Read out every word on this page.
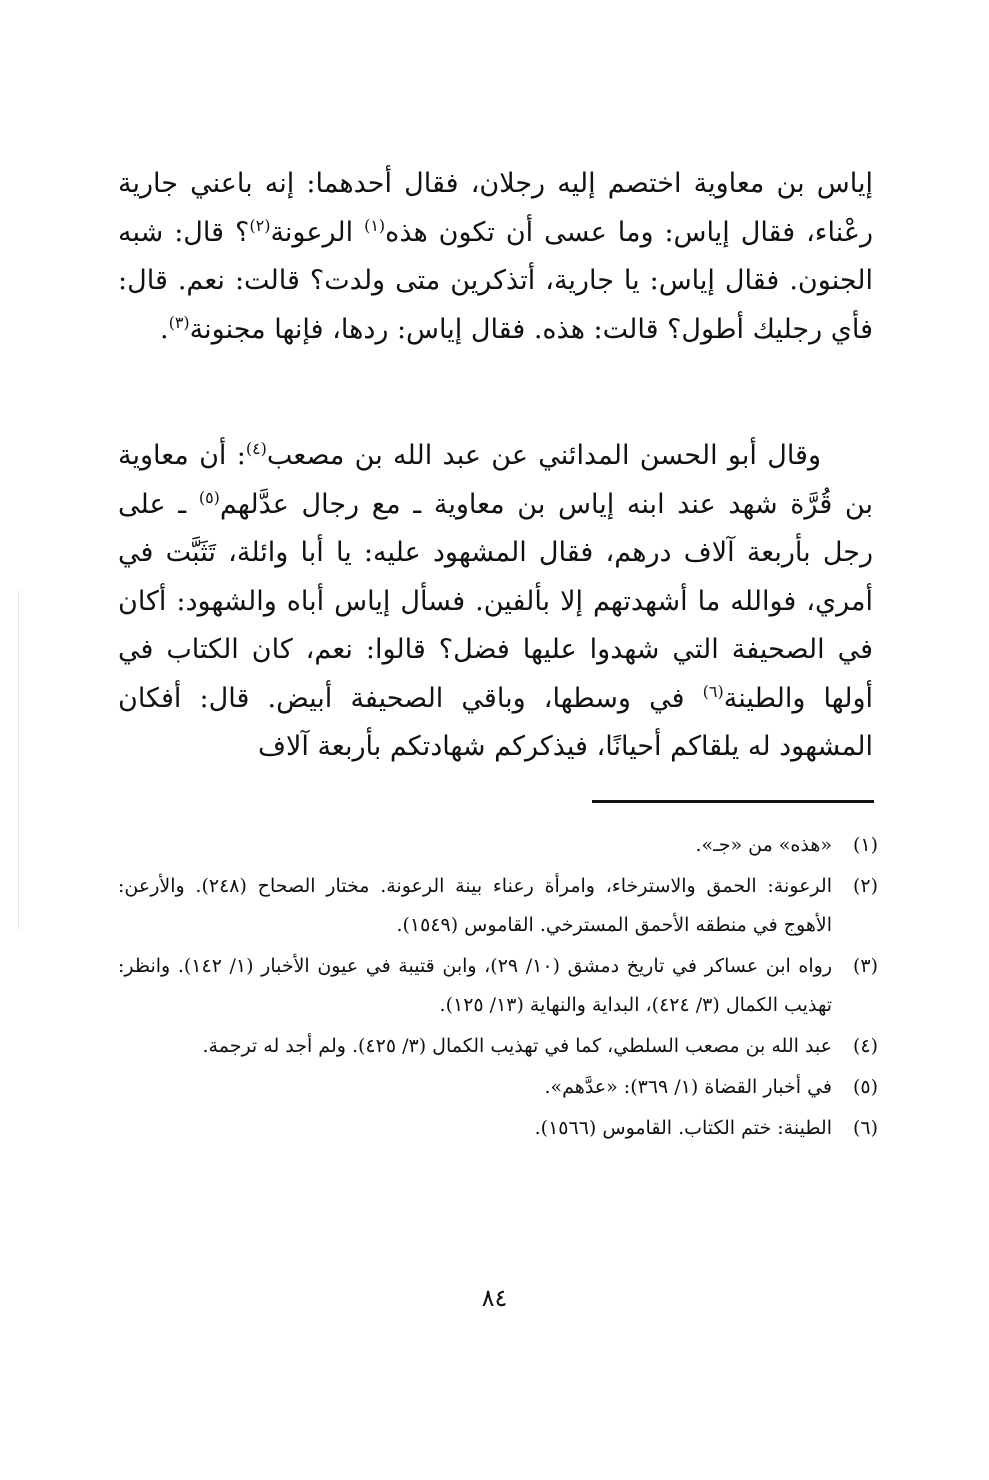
إياس بن معاوية اختصم إليه رجلان، فقال أحدهما: إنه باعني جارية رعْناء، فقال إياس: وما عسى أن تكون هذه$^{(١)}$ الرعونة$^{(٢)}$؟ قال: شبه الجنون. فقال إياس: يا جارية، أتذكرين متى ولدت؟ قالت: نعم. قال: فأي رجليك أطول؟ قالت: هذه. فقال إياس: ردها، فإنها مجنونة$^{(٣)}$.
وقال أبو الحسن المدائني عن عبد الله بن مصعب$^{(٤)}$: أن معاوية بن قُرَّة شهد عند ابنه إياس بن معاوية ـ مع رجال عدَّلهم$^{(٥)}$ ـ على رجل بأربعة آلاف درهم، فقال المشهود عليه: يا أبا وائلة، تَثَبَّت في أمري، فوالله ما أشهدتهم إلا بألفين. فسأل إياس أباه والشهود: أكان في الصحيفة التي شهدوا عليها فضل؟ قالوا: نعم، كان الكتاب في أولها والطينة$^{(٦)}$ في وسطها، وباقي الصحيفة أبيض. قال: أفكان المشهود له يلقاكم أحيانًا، فيذكركم شهادتكم بأربعة آلاف
(١)
«هذه» من «جـ».
(٢)
الرعونة: الحمق والاسترخاء، وامرأة رعناء بينة الرعونة. مختار الصحاح (٢٤٨). والأرعن: الأهوج في منطقه الأحمق المسترخي. القاموس (١٥٤٩).
(٣)
رواه ابن عساكر في تاريخ دمشق (١٠/ ٢٩)، وابن قتيبة في عيون الأخبار (١/ ١٤٢). وانظر: تهذيب الكمال (٣/ ٤٢٤)، البداية والنهاية (١٣/ ١٢٥).
(٤)
عبد الله بن مصعب السلطي، كما في تهذيب الكمال (٣/ ٤٢٥). ولم أجد له ترجمة.
(٥)
في أخبار القضاة (١/ ٣٦٩): «عدَّهم».
(٦)
الطينة: ختم الكتاب. القاموس (١٥٦٦).
٨٤
